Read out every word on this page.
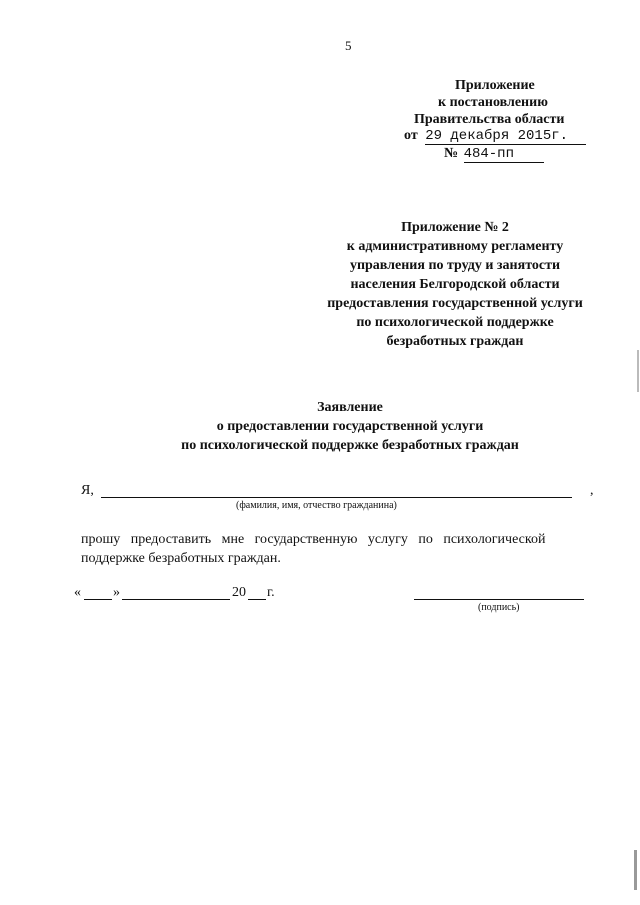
5
Приложение
к постановлению
Правительства области
от 29 декабря 2015г.
№ 484-пп
Приложение № 2
к административному регламенту
управления по труду и занятости
населения Белгородской области
предоставления государственной услуги
по психологической поддержке
безработных граждан
Заявление
о предоставлении государственной услуги
по психологической поддержке безработных граждан
Я,	,
(фамилия, имя, отчество гражданина)
прошу   предоставить   мне   государственную   услугу   по   психологической
поддержке безработных граждан.
« »	20 г.
(подпись)
